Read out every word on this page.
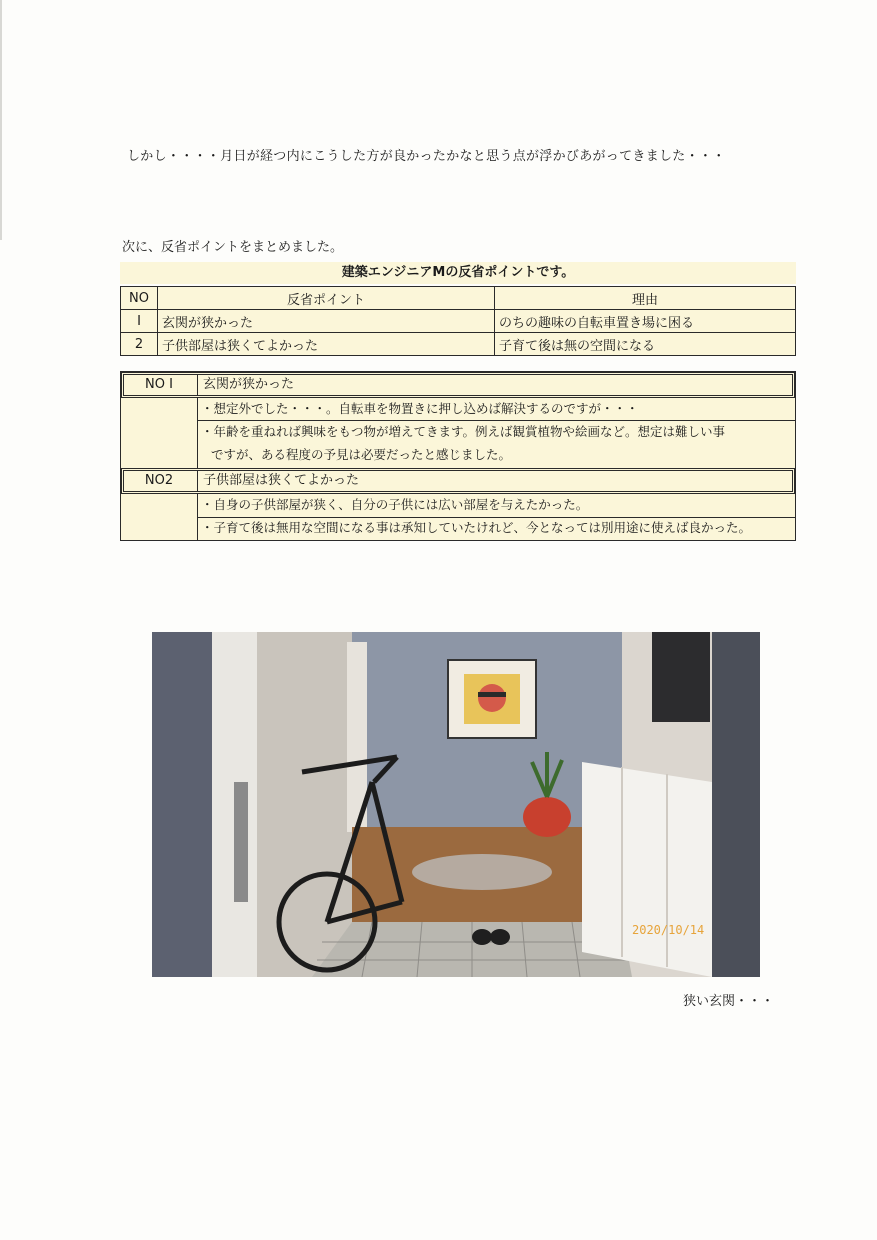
しかし・・・・月日が経つ内にこうした方が良かったかなと思う点が浮かびあがってきました・・・

次に、反省ポイントをまとめました。

建築エンジニアMの反省ポイントです。
NO	反省ポイント	理由
I	玄関が狭かった	のちの趣味の自転車置き場に困る
2	子供部屋は狭くてよかった	子育て後は無の空間になる
NO I	玄関が狭かった
・想定外でした・・・。自転車を物置きに押し込めば解決するのですが・・・
・年齢を重ねれば興味をもつ物が増えてきます。例えば観賞植物や絵画など。想定は難しい事
ですが、ある程度の予見は必要だったと感じました。
NO2	子供部屋は狭くてよかった
・自身の子供部屋が狭く、自分の子供には広い部屋を与えたかった。
・子育て後は無用な空間になる事は承知していたけれど、今となっては別用途に使えば良かった。
2020/10/14
狭い玄関・・・
